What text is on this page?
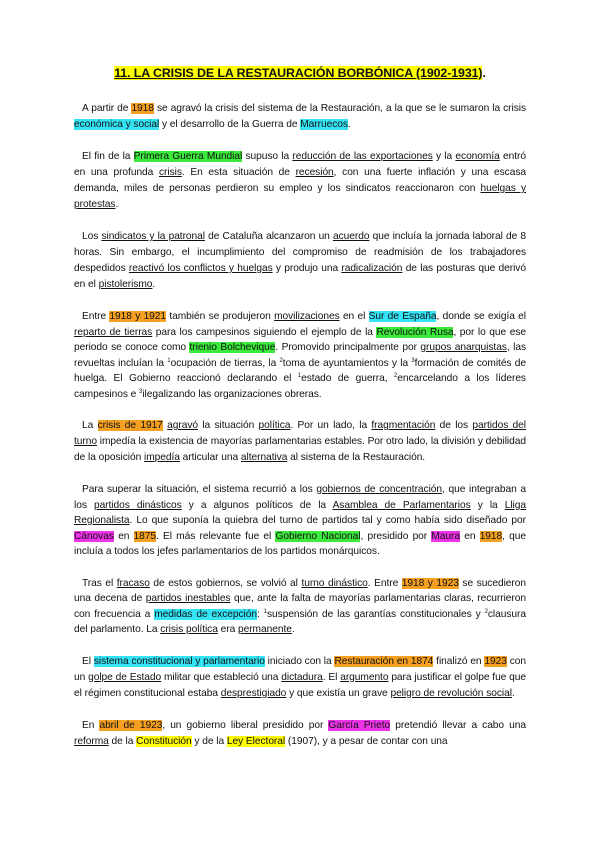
11. LA CRISIS DE LA RESTAURACIÓN BORBÓNICA (1902-1931).

A partir de 1918 se agravó la crisis del sistema de la Restauración, a la que se le sumaron la crisis económica y social y el desarrollo de la Guerra de Marruecos.

El fin de la Primera Guerra Mundial supuso la reducción de las exportaciones y la economía entró en una profunda crisis. En esta situación de recesión, con una fuerte inflación y una escasa demanda, miles de personas perdieron su empleo y los sindicatos reaccionaron con huelgas y protestas.

Los sindicatos y la patronal de Cataluña alcanzaron un acuerdo que incluía la jornada laboral de 8 horas. Sin embargo, el incumplimiento del compromiso de readmisión de los trabajadores despedidos reactivó los conflictos y huelgas y produjo una radicalización de las posturas que derivó en el pistolerismo.

Entre 1918 y 1921 también se produjeron movilizaciones en el Sur de España, donde se exigía el reparto de tierras para los campesinos siguiendo el ejemplo de la Revolución Rusa, por lo que ese periodo se conoce como trienio Bolchevique. Promovido principalmente por grupos anarquistas, las revueltas incluían la $^1$ocupación de tierras, la $^2$toma de ayuntamientos y la $^3$formación de comités de huelga. El Gobierno reaccionó declarando el $^1$estado de guerra, $^2$encarcelando a los líderes campesinos e $^3$ilegalizando las organizaciones obreras.

La crisis de 1917 agravó la situación política. Por un lado, la fragmentación de los partidos del turno impedía la existencia de mayorías parlamentarias estables. Por otro lado, la división y debilidad de la oposición impedía articular una alternativa al sistema de la Restauración.

Para superar la situación, el sistema recurrió a los gobiernos de concentración, que integraban a los partidos dinásticos y a algunos políticos de la Asamblea de Parlamentarios y la Lliga Regionalista. Lo que suponía la quiebra del turno de partidos tal y como había sido diseñado por Cánovas en 1875. El más relevante fue el Gobierno Nacional, presidido por Maura en 1918, que incluía a todos los jefes parlamentarios de los partidos monárquicos.

Tras el fracaso de estos gobiernos, se volvió al turno dinástico. Entre 1918 y 1923 se sucedieron una decena de partidos inestables que, ante la falta de mayorías parlamentarias claras, recurrieron con frecuencia a medidas de excepción: $^1$suspensión de las garantías constitucionales y $^2$clausura del parlamento. La crisis política era permanente.

El sistema constitucional y parlamentario iniciado con la Restauración en 1874 finalizó en 1923 con un golpe de Estado militar que estableció una dictadura. El argumento para justificar el golpe fue que el régimen constitucional estaba desprestigiado y que existía un grave peligro de revolución social.

En abril de 1923, un gobierno liberal presidido por García Prieto pretendió llevar a cabo una reforma de la Constitución y de la Ley Electoral (1907), y a pesar de contar con una
